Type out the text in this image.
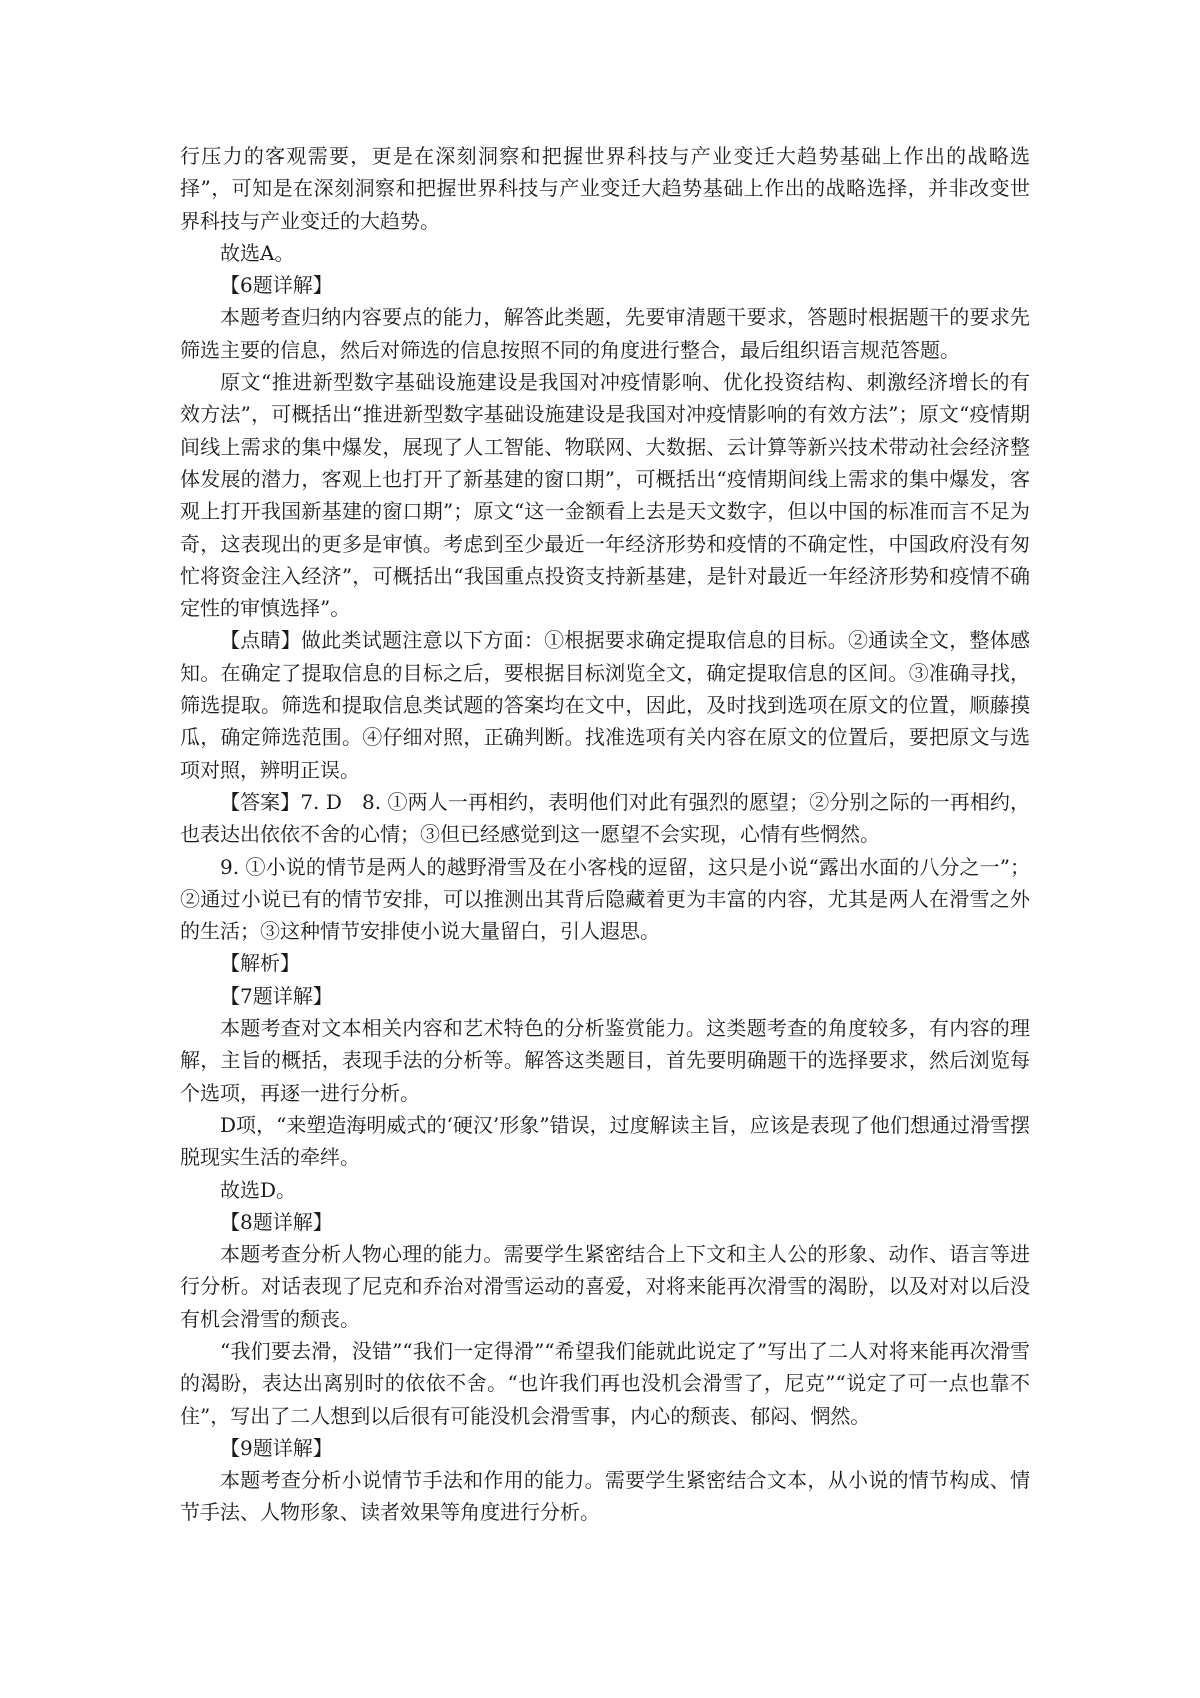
行压力的客观需要，更是在深刻洞察和把握世界科技与产业变迁大趋势基础上作出的战略选择”，可知是在深刻洞察和把握世界科技与产业变迁大趋势基础上作出的战略选择，并非改变世界科技与产业变迁的大趋势。

故选A。

【6题详解】

本题考查归纳内容要点的能力，解答此类题，先要审清题干要求，答题时根据题干的要求先筛选主要的信息，然后对筛选的信息按照不同的角度进行整合，最后组织语言规范答题。

原文“推进新型数字基础设施建设是我国对冲疫情影响、优化投资结构、刺激经济增长的有效方法”，可概括出“推进新型数字基础设施建设是我国对冲疫情影响的有效方法”；原文“疫情期间线上需求的集中爆发，展现了人工智能、物联网、大数据、云计算等新兴技术带动社会经济整体发展的潜力，客观上也打开了新基建的窗口期”，可概括出“疫情期间线上需求的集中爆发，客观上打开我国新基建的窗口期”；原文“这一金额看上去是天文数字，但以中国的标准而言不足为奇，这表现出的更多是审慎。考虑到至少最近一年经济形势和疫情的不确定性，中国政府没有匆忙将资金注入经济”，可概括出“我国重点投资支持新基建，是针对最近一年经济形势和疫情不确定性的审慎选择”。

【点睛】做此类试题注意以下方面：①根据要求确定提取信息的目标。②通读全文，整体感知。在确定了提取信息的目标之后，要根据目标浏览全文，确定提取信息的区间。③准确寻找，筛选提取。筛选和提取信息类试题的答案均在文中，因此，及时找到选项在原文的位置，顺藤摸瓜，确定筛选范围。④仔细对照，正确判断。找准选项有关内容在原文的位置后，要把原文与选项对照，辨明正误。

【答案】7. D　8. ①两人一再相约，表明他们对此有强烈的愿望；②分别之际的一再相约，也表达出依依不舍的心情；③但已经感觉到这一愿望不会实现，心情有些惘然。

9. ①小说的情节是两人的越野滑雪及在小客栈的逗留，这只是小说“露出水面的八分之一”；②通过小说已有的情节安排，可以推测出其背后隐藏着更为丰富的内容，尤其是两人在滑雪之外的生活；③这种情节安排使小说大量留白，引人遐思。

【解析】

【7题详解】

本题考查对文本相关内容和艺术特色的分析鉴赏能力。这类题考查的角度较多，有内容的理解，主旨的概括，表现手法的分析等。解答这类题目，首先要明确题干的选择要求，然后浏览每个选项，再逐一进行分析。

D项，“来塑造海明威式的‘硬汉’形象”错误，过度解读主旨，应该是表现了他们想通过滑雪摆脱现实生活的牵绊。

故选D。

【8题详解】

本题考查分析人物心理的能力。需要学生紧密结合上下文和主人公的形象、动作、语言等进行分析。对话表现了尼克和乔治对滑雪运动的喜爱，对将来能再次滑雪的渴盼，以及对对以后没有机会滑雪的颓丧。

“我们要去滑，没错”“我们一定得滑”“希望我们能就此说定了”写出了二人对将来能再次滑雪的渴盼，表达出离别时的依依不舍。“也许我们再也没机会滑雪了，尼克”“说定了可一点也靠不住”，写出了二人想到以后很有可能没机会滑雪事，内心的颓丧、郁闷、惘然。

【9题详解】

本题考查分析小说情节手法和作用的能力。需要学生紧密结合文本，从小说的情节构成、情节手法、人物形象、读者效果等角度进行分析。
